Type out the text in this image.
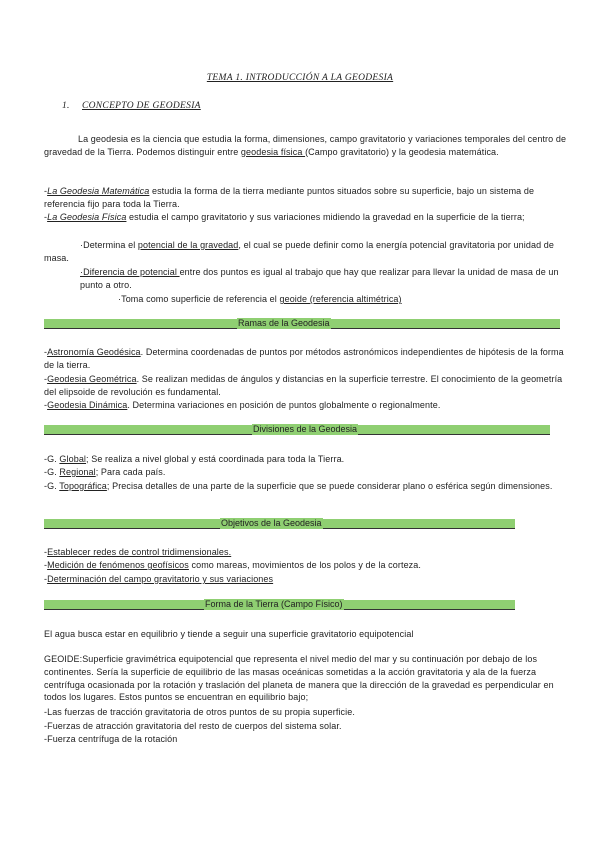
TEMA 1. INTRODUCCIÓN A LA GEODESIA
1. CONCEPTO DE GEODESIA
La geodesia es la ciencia que estudia la forma, dimensiones, campo gravitatorio y variaciones temporales del centro de gravedad de la Tierra. Podemos distinguir entre geodesia física (Campo gravitatorio) y la geodesia matemática.
-La Geodesia Matemática estudia la forma de la tierra mediante puntos situados sobre su superficie, bajo un sistema de referencia fijo para toda la Tierra.
-La Geodesia Física estudia el campo gravitatorio y sus variaciones midiendo la gravedad en la superficie de la tierra;
·Determina el potencial de la gravedad, el cual se puede definir como la energía potencial gravitatoria por unidad de masa.
·Diferencia de potencial entre dos puntos es igual al trabajo que hay que realizar para llevar la unidad de masa de un punto a otro.
·Toma como superficie de referencia el geoide (referencia altimétrica)
Ramas de la Geodesia
-Astronomía Geodésica. Determina coordenadas de puntos por métodos astronómicos independientes de hipótesis de la forma de la tierra.
-Geodesia Geométrica. Se realizan medidas de ángulos y distancias en la superficie terrestre. El conocimiento de la geometría del elipsoide de revolución es fundamental.
-Geodesia Dinámica. Determina variaciones en posición de puntos globalmente o regionalmente.
Divisiones de la Geodesia
-G. Global; Se realiza a nivel global y está coordinada para toda la Tierra.
-G. Regional; Para cada país.
-G. Topográfica; Precisa detalles de una parte de la superficie que se puede considerar plano o esférica según dimensiones.
Objetivos de la Geodesia
-Establecer redes de control tridimensionales.
-Medición de fenómenos geofísicos como mareas, movimientos de los polos y de la corteza.
-Determinación del campo gravitatorio y sus variaciones
Forma de la Tierra (Campo Físico)
El agua busca estar en equilibrio y tiende a seguir una superficie gravitatorio equipotencial
GEOIDE:Superficie gravimétrica equipotencial que representa el nivel medio del mar y su continuación por debajo de los continentes. Sería la superficie de equilibrio de las masas oceánicas sometidas a la acción gravitatoria y ala de la fuerza centrífuga ocasionada por la rotación y traslación del planeta de manera que la dirección de la gravedad es perpendicular en todos los lugares. Estos puntos se encuentran en equilibrio bajo;
-Las fuerzas de tracción gravitatoria de otros puntos de su propia superficie.
-Fuerzas de atracción gravitatoria del resto de cuerpos del sistema solar.
-Fuerza centrífuga de la rotación
